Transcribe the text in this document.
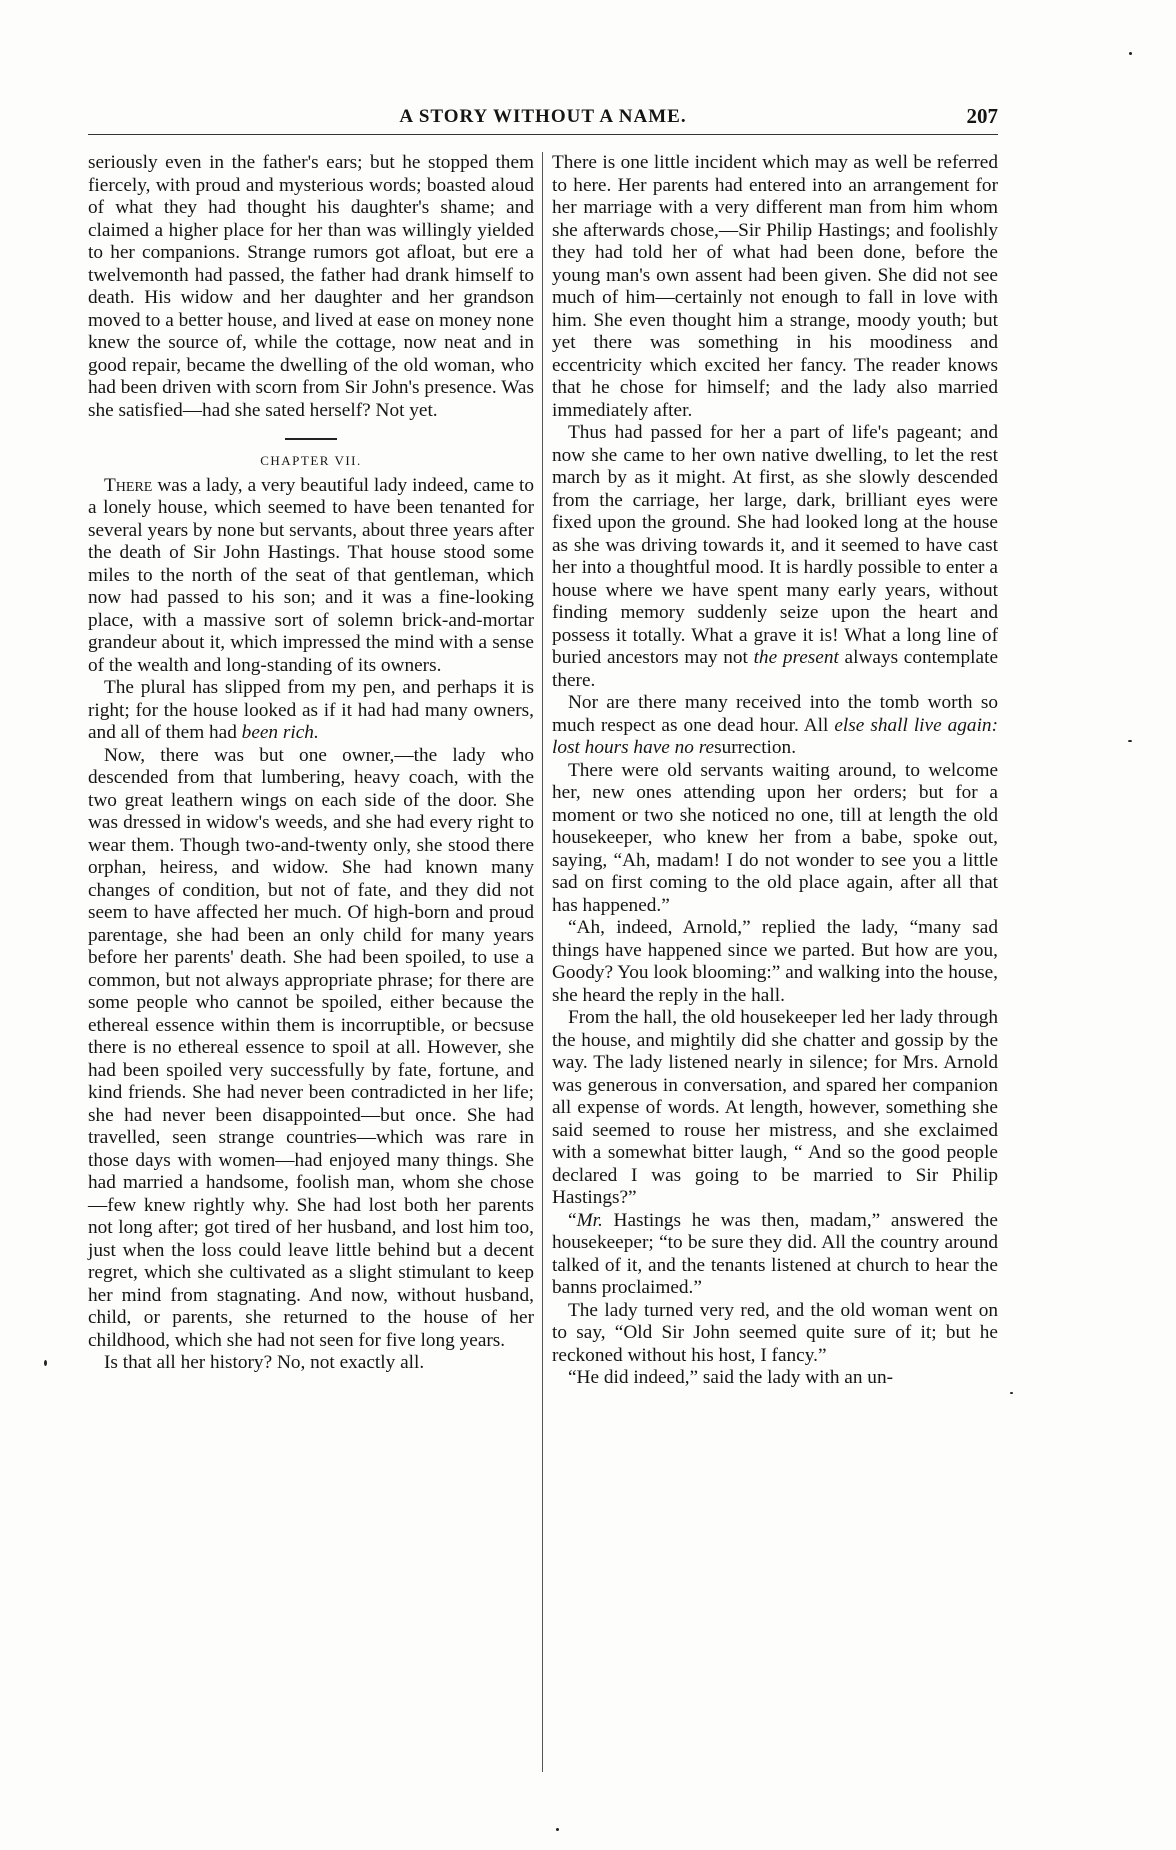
A STORY WITHOUT A NAME.	207

seriously even in the father's ears; but he stopped them fiercely, with proud and mysterious words; boasted aloud of what they had thought his daughter's shame; and claimed a higher place for her than was willingly yielded to her companions. Strange rumors got afloat, but ere a twelvemonth had passed, the father had drank himself to death. His widow and her daughter and her grandson moved to a better house, and lived at ease on money none knew the source of, while the cottage, now neat and in good repair, became the dwelling of the old woman, who had been driven with scorn from Sir John's presence. Was she satisfied—had she sated herself? Not yet.

CHAPTER VII.

There was a lady, a very beautiful lady indeed, came to a lonely house, which seemed to have been tenanted for several years by none but servants, about three years after the death of Sir John Hastings. That house stood some miles to the north of the seat of that gentleman, which now had passed to his son; and it was a fine-looking place, with a massive sort of solemn brick-and-mortar grandeur about it, which impressed the mind with a sense of the wealth and long-standing of its owners.

The plural has slipped from my pen, and perhaps it is right; for the house looked as if it had had many owners, and all of them had been rich.

Now, there was but one owner,—the lady who descended from that lumbering, heavy coach, with the two great leathern wings on each side of the door. She was dressed in widow's weeds, and she had every right to wear them. Though two-and-twenty only, she stood there orphan, heiress, and widow. She had known many changes of condition, but not of fate, and they did not seem to have affected her much. Of high-born and proud parentage, she had been an only child for many years before her parents' death. She had been spoiled, to use a common, but not always appropriate phrase; for there are some people who cannot be spoiled, either because the ethereal essence within them is incorruptible, or becsuse there is no ethereal essence to spoil at all. However, she had been spoiled very successfully by fate, fortune, and kind friends. She had never been contradicted in her life; she had never been disappointed—but once. She had travelled, seen strange countries—which was rare in those days with women—had enjoyed many things. She had married a handsome, foolish man, whom she chose—few knew rightly why. She had lost both her parents not long after; got tired of her husband, and lost him too, just when the loss could leave little behind but a decent regret, which she cultivated as a slight stimulant to keep her mind from stagnating. And now, without husband, child, or parents, she returned to the house of her childhood, which she had not seen for five long years.

Is that all her history? No, not exactly all.

There is one little incident which may as well be referred to here. Her parents had entered into an arrangement for her marriage with a very different man from him whom she afterwards chose,—Sir Philip Hastings; and foolishly they had told her of what had been done, before the young man's own assent had been given. She did not see much of him—certainly not enough to fall in love with him. She even thought him a strange, moody youth; but yet there was something in his moodiness and eccentricity which excited her fancy. The reader knows that he chose for himself; and the lady also married immediately after.

Thus had passed for her a part of life's pageant; and now she came to her own native dwelling, to let the rest march by as it might. At first, as she slowly descended from the carriage, her large, dark, brilliant eyes were fixed upon the ground. She had looked long at the house as she was driving towards it, and it seemed to have cast her into a thoughtful mood. It is hardly possible to enter a house where we have spent many early years, without finding memory suddenly seize upon the heart and possess it totally. What a grave it is! What a long line of buried ancestors may not the present always contemplate there.

Nor are there many received into the tomb worth so much respect as one dead hour. All else shall live again: lost hours have no resurrection.

There were old servants waiting around, to welcome her, new ones attending upon her orders; but for a moment or two she noticed no one, till at length the old housekeeper, who knew her from a babe, spoke out, saying, “Ah, madam! I do not wonder to see you a little sad on first coming to the old place again, after all that has happened.”

“Ah, indeed, Arnold,” replied the lady, “many sad things have happened since we parted. But how are you, Goody? You look blooming:” and walking into the house, she heard the reply in the hall.

From the hall, the old housekeeper led her lady through the house, and mightily did she chatter and gossip by the way. The lady listened nearly in silence; for Mrs. Arnold was generous in conversation, and spared her companion all expense of words. At length, however, something she said seemed to rouse her mistress, and she exclaimed with a somewhat bitter laugh, “ And so the good people declared I was going to be married to Sir Philip Hastings?”

“Mr. Hastings he was then, madam,” answered the housekeeper; “to be sure they did. All the country around talked of it, and the tenants listened at church to hear the banns proclaimed.”

The lady turned very red, and the old woman went on to say, “Old Sir John seemed quite sure of it; but he reckoned without his host, I fancy.”

“He did indeed,” said the lady with an un-
